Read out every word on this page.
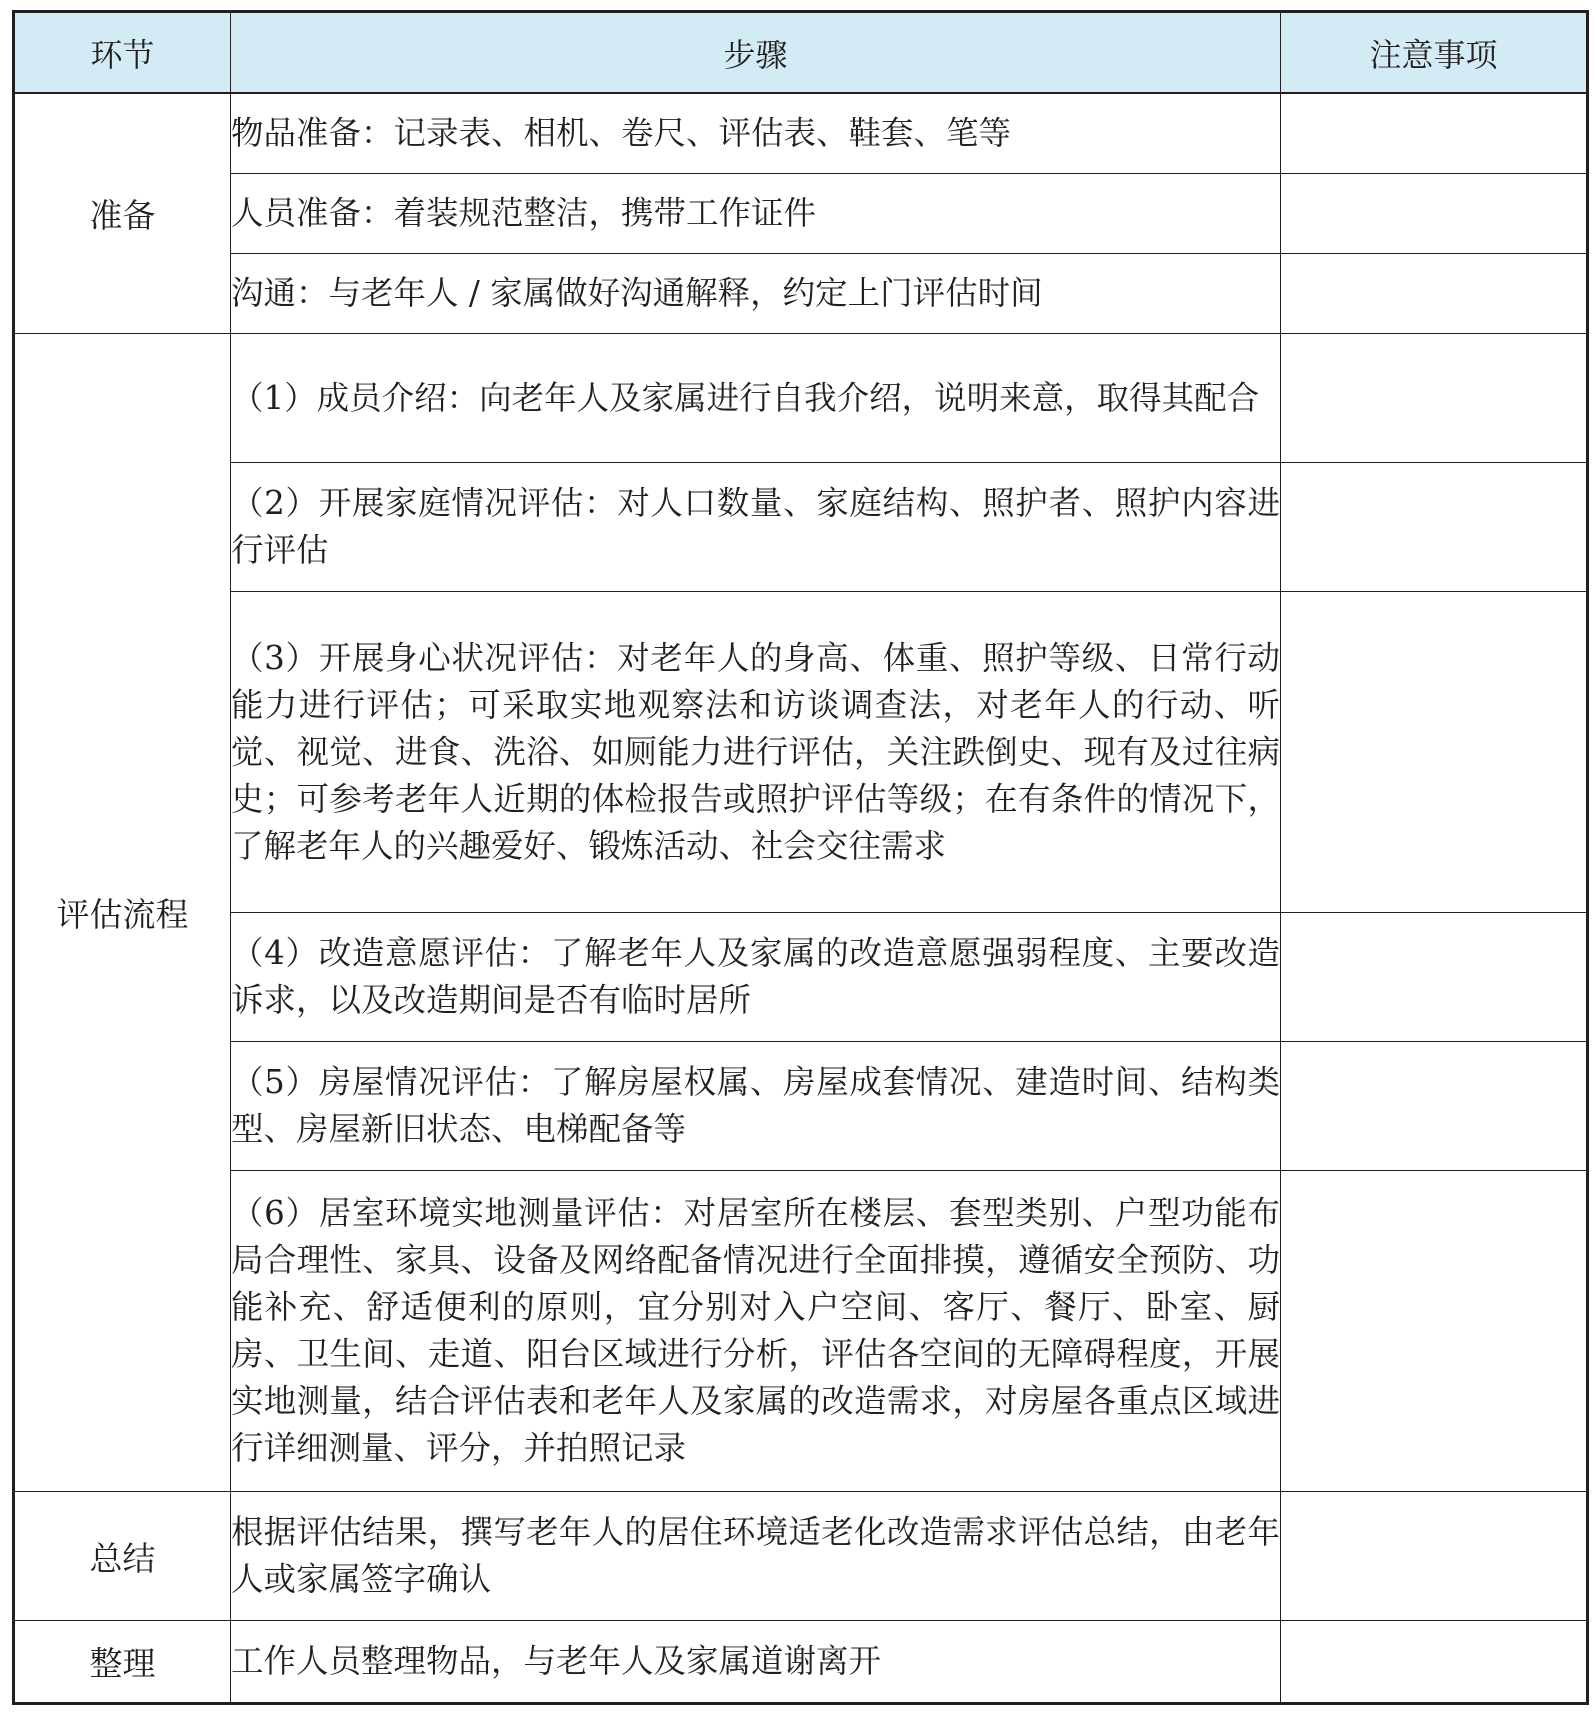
环节	步骤	注意事项
准备	物品准备：记录表、相机、卷尺、评估表、鞋套、笔等	
	人员准备：着装规范整洁，携带工作证件	
	沟通：与老年人 / 家属做好沟通解释，约定上门评估时间	
评估流程	（1）成员介绍：向老年人及家属进行自我介绍，说明来意，取得其配合	
	（2）开展家庭情况评估：对人口数量、家庭结构、照护者、照护内容进行评估	
	（3）开展身心状况评估：对老年人的身高、体重、照护等级、日常行动能力进行评估；可采取实地观察法和访谈调查法，对老年人的行动、听觉、视觉、进食、洗浴、如厕能力进行评估，关注跌倒史、现有及过往病史；可参考老年人近期的体检报告或照护评估等级；在有条件的情况下，了解老年人的兴趣爱好、锻炼活动、社会交往需求	
	（4）改造意愿评估：了解老年人及家属的改造意愿强弱程度、主要改造诉求，以及改造期间是否有临时居所	
	（5）房屋情况评估：了解房屋权属、房屋成套情况、建造时间、结构类型、房屋新旧状态、电梯配备等	
	（6）居室环境实地测量评估：对居室所在楼层、套型类别、户型功能布局合理性、家具、设备及网络配备情况进行全面排摸，遵循安全预防、功能补充、舒适便利的原则，宜分别对入户空间、客厅、餐厅、卧室、厨房、卫生间、走道、阳台区域进行分析，评估各空间的无障碍程度，开展实地测量，结合评估表和老年人及家属的改造需求，对房屋各重点区域进行详细测量、评分，并拍照记录	
总结	根据评估结果，撰写老年人的居住环境适老化改造需求评估总结，由老年人或家属签字确认	
整理	工作人员整理物品，与老年人及家属道谢离开	
